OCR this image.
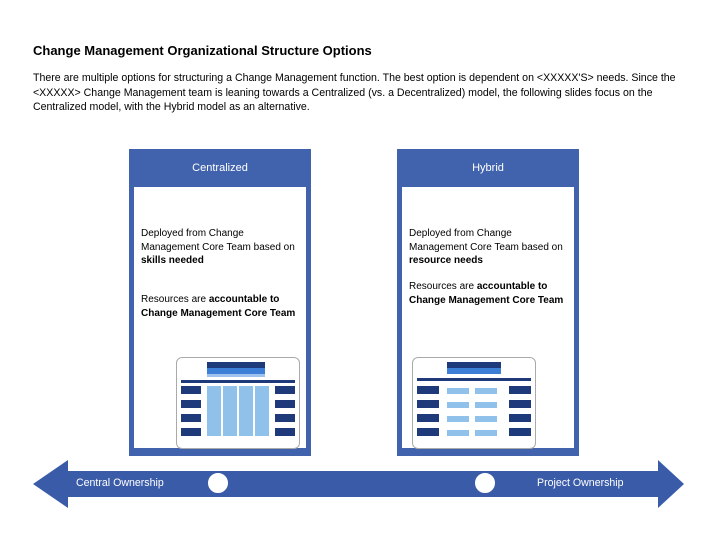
Change Management Organizational Structure Options
There are multiple options for structuring a Change Management function. The best option is dependent on <XXXXX'S> needs. Since the <XXXXX> Change Management team is leaning towards a Centralized (vs. a Decentralized) model, the following slides focus on the Centralized model, with the Hybrid model as an alternative.
Centralized
Deployed from Change Management Core Team based on skills needed
Resources are accountable to Change Management Core Team
Hybrid
Deployed from Change Management Core Team based on resource needs
Resources are accountable to Change Management Core Team
Central Ownership	Project Ownership
